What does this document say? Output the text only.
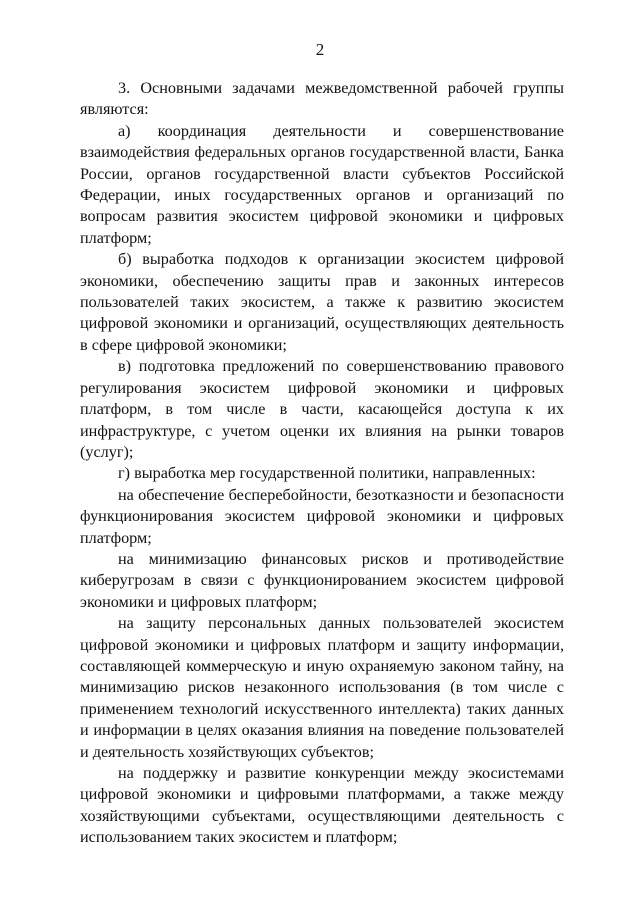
2

3. Основными задачами межведомственной рабочей группы являются:

а) координация деятельности и совершенствование взаимодействия федеральных органов государственной власти, Банка России, органов государственной власти субъектов Российской Федерации, иных государственных органов и организаций по вопросам развития экосистем цифровой экономики и цифровых платформ;

б) выработка подходов к организации экосистем цифровой экономики, обеспечению защиты прав и законных интересов пользователей таких экосистем, а также к развитию экосистем цифровой экономики и организаций, осуществляющих деятельность в сфере цифровой экономики;

в) подготовка предложений по совершенствованию правового регулирования экосистем цифровой экономики и цифровых платформ, в том числе в части, касающейся доступа к их инфраструктуре, с учетом оценки их влияния на рынки товаров (услуг);

г) выработка мер государственной политики, направленных:

на обеспечение бесперебойности, безотказности и безопасности функционирования экосистем цифровой экономики и цифровых платформ;

на минимизацию финансовых рисков и противодействие киберугрозам в связи с функционированием экосистем цифровой экономики и цифровых платформ;

на защиту персональных данных пользователей экосистем цифровой экономики и цифровых платформ и защиту информации, составляющей коммерческую и иную охраняемую законом тайну, на минимизацию рисков незаконного использования (в том числе с применением технологий искусственного интеллекта) таких данных и информации в целях оказания влияния на поведение пользователей и деятельность хозяйствующих субъектов;

на поддержку и развитие конкуренции между экосистемами цифровой экономики и цифровыми платформами, а также между хозяйствующими субъектами, осуществляющими деятельность с использованием таких экосистем и платформ;
